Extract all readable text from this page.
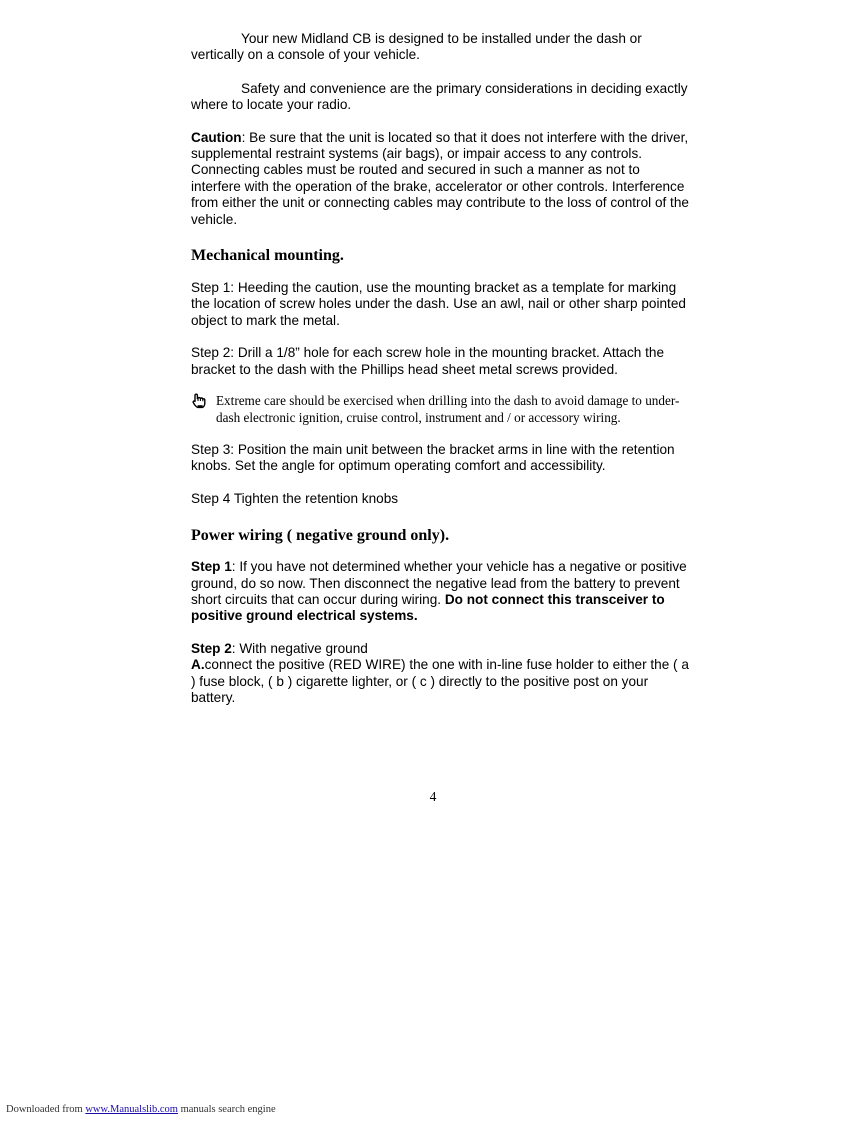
Your new Midland CB is designed to be installed under the dash or vertically on a console of your vehicle.

Safety and convenience are the primary considerations in deciding exactly where to locate your radio.

Caution: Be sure that the unit is located so that it does not interfere with the driver, supplemental restraint systems (air bags), or impair access to any controls. Connecting cables must be routed and secured in such a manner as not to interfere with the operation of the brake, accelerator or other controls. Interference from either the unit or connecting cables may contribute to the loss of control of the vehicle.

Mechanical mounting.

Step 1: Heeding the caution, use the mounting bracket as a template for marking the location of screw holes under the dash. Use an awl, nail or other sharp pointed object to mark the metal.

Step 2: Drill a 1/8” hole for each screw hole in the mounting bracket. Attach the bracket to the dash with the Phillips head sheet metal screws provided.

Extreme care should be exercised when drilling into the dash to avoid damage to under-dash electronic ignition, cruise control, instrument and / or accessory wiring.

Step 3: Position the main unit between the bracket arms in line with the retention knobs. Set the angle for optimum operating comfort and accessibility.

Step 4 Tighten the retention knobs

Power wiring ( negative ground only).

Step 1: If you have not determined whether your vehicle has a negative or positive ground, do so now. Then disconnect the negative lead from the battery to prevent short circuits that can occur during wiring. Do not connect this transceiver to positive ground electrical systems.

Step 2: With negative ground

A.connect the positive (RED WIRE) the one with in-line fuse holder to either the ( a ) fuse block, ( b ) cigarette lighter, or ( c ) directly to the positive post on your battery.

4
Downloaded from www.Manualslib.com manuals search engine
